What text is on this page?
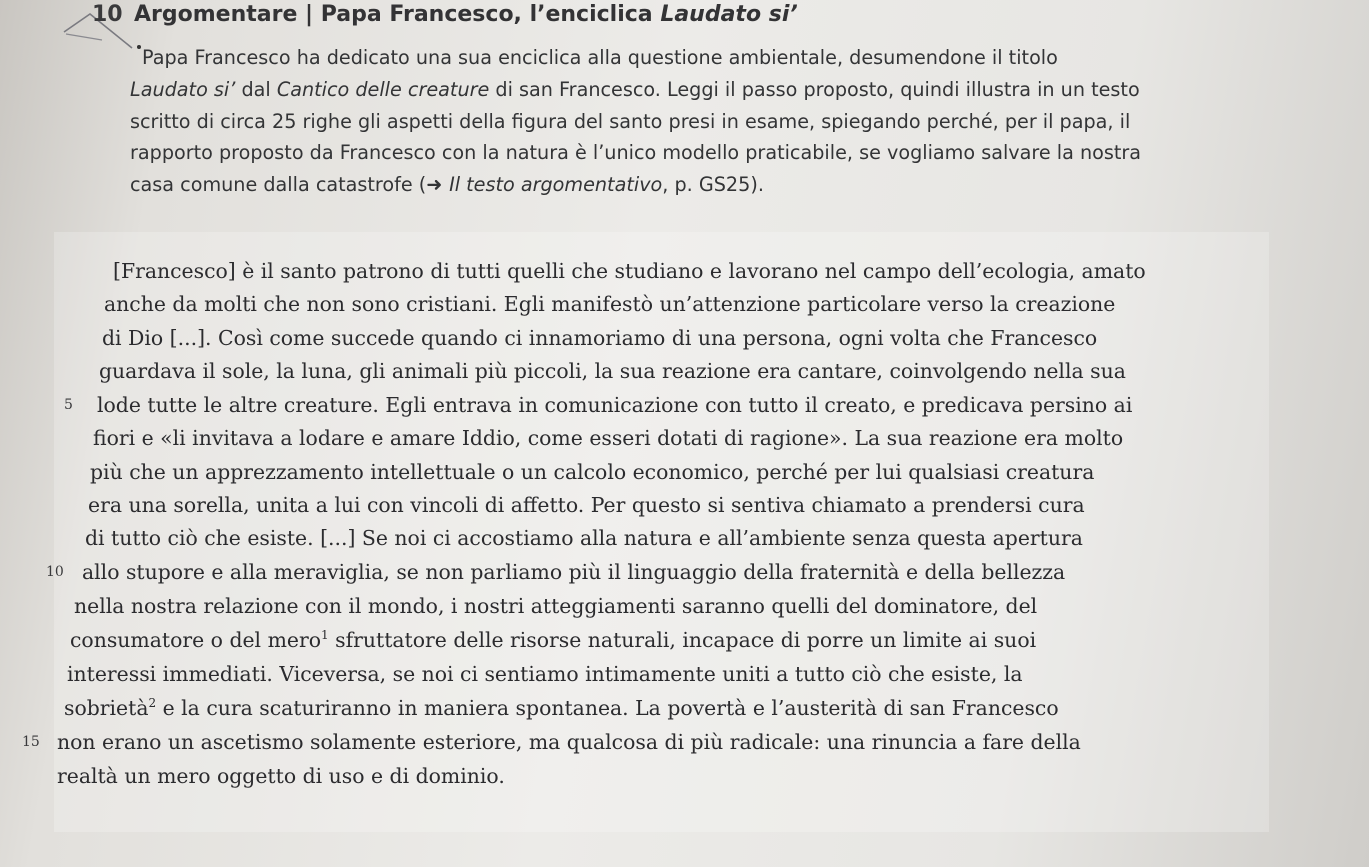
10 Argomentare | Papa Francesco, l’enciclica Laudato si’
Papa Francesco ha dedicato una sua enciclica alla questione ambientale, desumendone il titolo
Laudato si’ dal Cantico delle creature di san Francesco. Leggi il passo proposto, quindi illustra in un testo
scritto di circa 25 righe gli aspetti della figura del santo presi in esame, spiegando perché, per il papa, il
rapporto proposto da Francesco con la natura è l’unico modello praticabile, se vogliamo salvare la nostra
casa comune dalla catastrofe (➜ Il testo argomentativo, p. GS25).
[Francesco] è il santo patrono di tutti quelli che studiano e lavorano nel campo dell’ecologia, amato
anche da molti che non sono cristiani. Egli manifestò un’attenzione particolare verso la creazione
di Dio [...]. Così come succede quando ci innamoriamo di una persona, ogni volta che Francesco
guardava il sole, la luna, gli animali più piccoli, la sua reazione era cantare, coinvolgendo nella sua
5 lode tutte le altre creature. Egli entrava in comunicazione con tutto il creato, e predicava persino ai
fiori e «li invitava a lodare e amare Iddio, come esseri dotati di ragione». La sua reazione era molto
più che un apprezzamento intellettuale o un calcolo economico, perché per lui qualsiasi creatura
era una sorella, unita a lui con vincoli di affetto. Per questo si sentiva chiamato a prendersi cura
di tutto ciò che esiste. [...] Se noi ci accostiamo alla natura e all’ambiente senza questa apertura
10 allo stupore e alla meraviglia, se non parliamo più il linguaggio della fraternità e della bellezza
nella nostra relazione con il mondo, i nostri atteggiamenti saranno quelli del dominatore, del
consumatore o del mero$^1$ sfruttatore delle risorse naturali, incapace di porre un limite ai suoi
interessi immediati. Viceversa, se noi ci sentiamo intimamente uniti a tutto ciò che esiste, la
sobrietà$^2$ e la cura scaturiranno in maniera spontanea. La povertà e l’austerità di san Francesco
15 non erano un ascetismo solamente esteriore, ma qualcosa di più radicale: una rinuncia a fare della
realtà un mero oggetto di uso e di dominio.
